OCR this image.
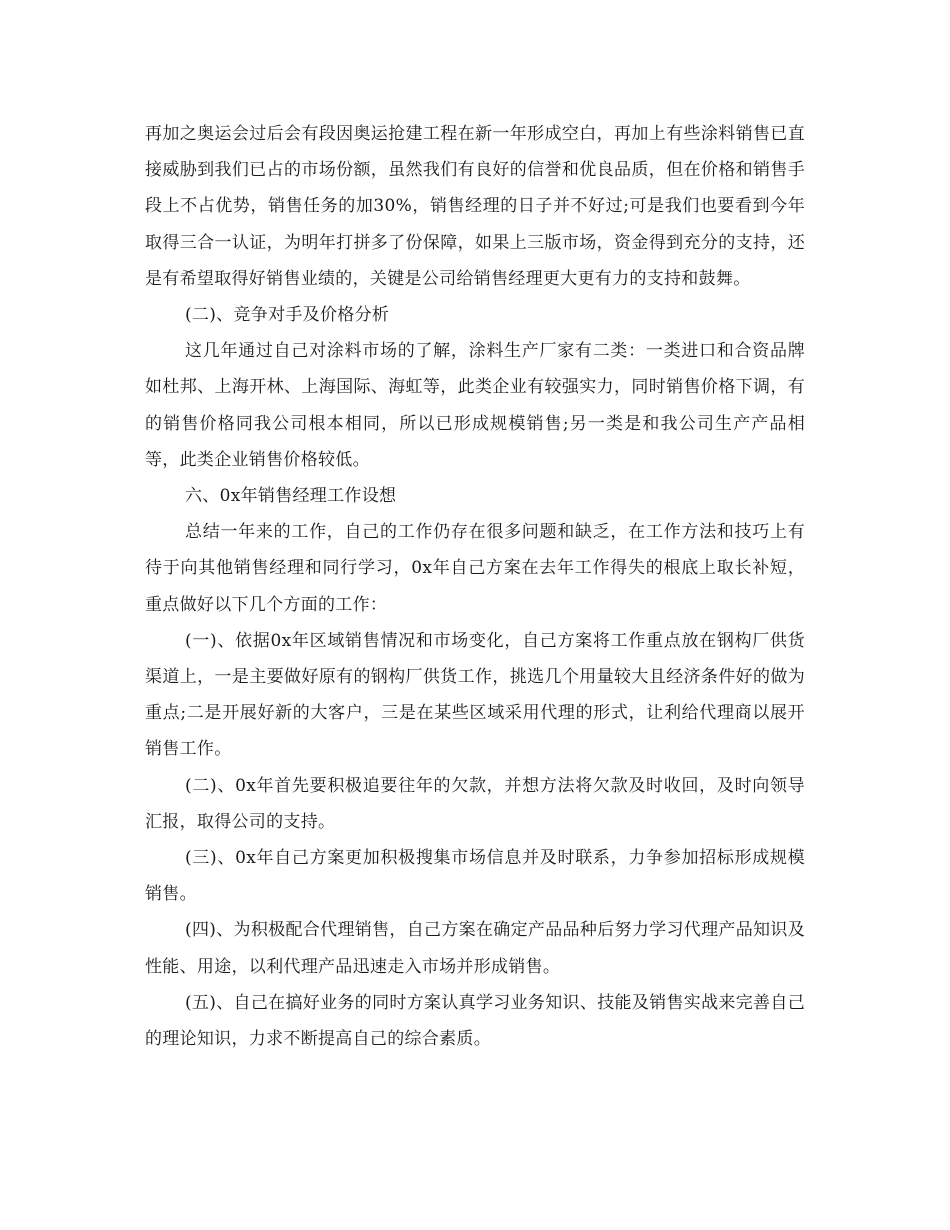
再加之奥运会过后会有段因奥运抢建工程在新一年形成空白，再加上有些涂料销售已直接威胁到我们已占的市场份额，虽然我们有良好的信誉和优良品质，但在价格和销售手段上不占优势，销售任务的加30%，销售经理的日子并不好过;可是我们也要看到今年取得三合一认证，为明年打拼多了份保障，如果上三版市场，资金得到充分的支持，还是有希望取得好销售业绩的，关键是公司给销售经理更大更有力的支持和鼓舞。

(二)、竞争对手及价格分析

这几年通过自己对涂料市场的了解，涂料生产厂家有二类：一类进口和合资品牌如杜邦、上海开林、上海国际、海虹等，此类企业有较强实力，同时销售价格下调，有的销售价格同我公司根本相同，所以已形成规模销售;另一类是和我公司生产产品相等，此类企业销售价格较低。

六、0x年销售经理工作设想

总结一年来的工作，自己的工作仍存在很多问题和缺乏，在工作方法和技巧上有待于向其他销售经理和同行学习，0x年自己方案在去年工作得失的根底上取长补短，重点做好以下几个方面的工作：

(一)、依据0x年区域销售情况和市场变化，自己方案将工作重点放在钢构厂供货渠道上，一是主要做好原有的钢构厂供货工作，挑选几个用量较大且经济条件好的做为重点;二是开展好新的大客户，三是在某些区域采用代理的形式，让利给代理商以展开销售工作。

(二)、0x年首先要积极追要往年的欠款，并想方法将欠款及时收回，及时向领导汇报，取得公司的支持。

(三)、0x年自己方案更加积极搜集市场信息并及时联系，力争参加招标形成规模销售。

(四)、为积极配合代理销售，自己方案在确定产品品种后努力学习代理产品知识及性能、用途，以利代理产品迅速走入市场并形成销售。

(五)、自己在搞好业务的同时方案认真学习业务知识、技能及销售实战来完善自己的理论知识，力求不断提高自己的综合素质。
